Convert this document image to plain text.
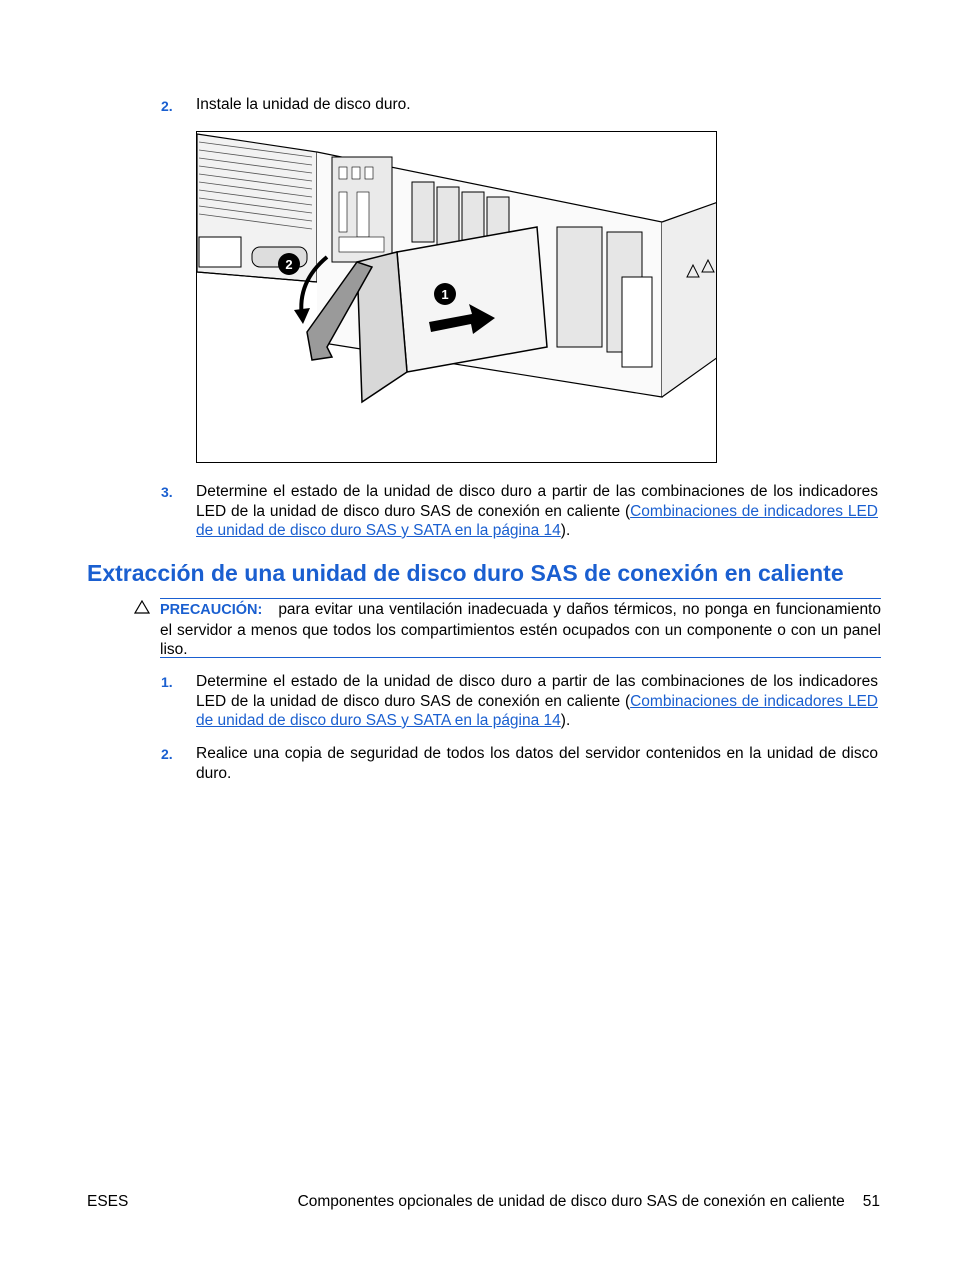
2. Instale la unidad de disco duro.
1
2
3. Determine el estado de la unidad de disco duro a partir de las combinaciones de los indicadores LED de la unidad de disco duro SAS de conexión en caliente (Combinaciones de indicadores LED de unidad de disco duro SAS y SATA en la página 14).
Extracción de una unidad de disco duro SAS de conexión en caliente
PRECAUCIÓN: para evitar una ventilación inadecuada y daños térmicos, no ponga en funcionamiento el servidor a menos que todos los compartimientos estén ocupados con un componente o con un panel liso.
1. Determine el estado de la unidad de disco duro a partir de las combinaciones de los indicadores LED de la unidad de disco duro SAS de conexión en caliente (Combinaciones de indicadores LED de unidad de disco duro SAS y SATA en la página 14).
2. Realice una copia de seguridad de todos los datos del servidor contenidos en la unidad de disco duro.
ESES	Componentes opcionales de unidad de disco duro SAS de conexión en caliente 51
